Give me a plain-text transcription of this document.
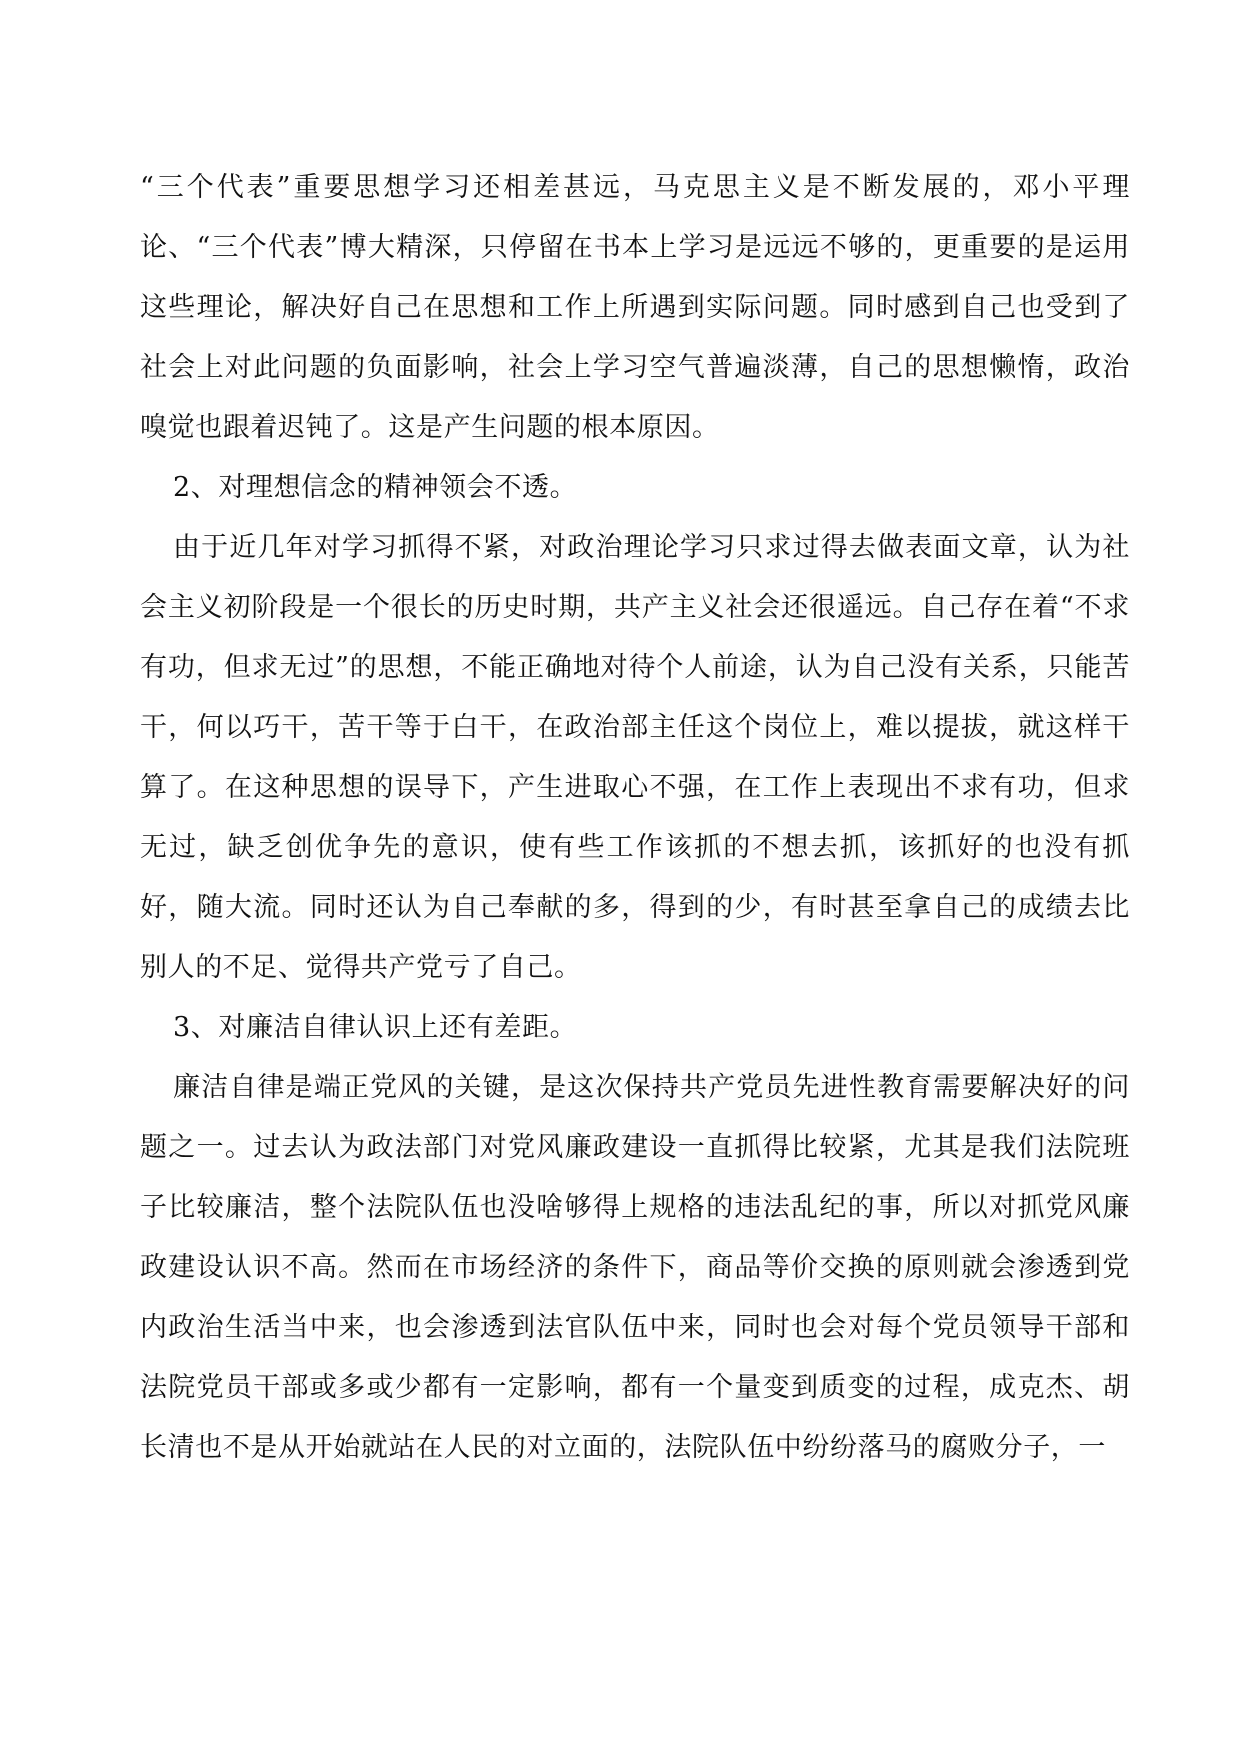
“三个代表”重要思想学习还相差甚远，马克思主义是不断发展的，邓小平理论、“三个代表”博大精深，只停留在书本上学习是远远不够的，更重要的是运用这些理论，解决好自己在思想和工作上所遇到实际问题。同时感到自己也受到了社会上对此问题的负面影响，社会上学习空气普遍淡薄，自己的思想懒惰，政治嗅觉也跟着迟钝了。这是产生问题的根本原因。

2、对理想信念的精神领会不透。

由于近几年对学习抓得不紧，对政治理论学习只求过得去做表面文章，认为社会主义初阶段是一个很长的历史时期，共产主义社会还很遥远。自己存在着“不求有功，但求无过”的思想，不能正确地对待个人前途，认为自己没有关系，只能苦干，何以巧干，苦干等于白干，在政治部主任这个岗位上，难以提拔，就这样干算了。在这种思想的误导下，产生进取心不强，在工作上表现出不求有功，但求无过，缺乏创优争先的意识，使有些工作该抓的不想去抓，该抓好的也没有抓好，随大流。同时还认为自己奉献的多，得到的少，有时甚至拿自己的成绩去比别人的不足、觉得共产党亏了自己。

3、对廉洁自律认识上还有差距。

廉洁自律是端正党风的关键，是这次保持共产党员先进性教育需要解决好的问题之一。过去认为政法部门对党风廉政建设一直抓得比较紧，尤其是我们法院班子比较廉洁，整个法院队伍也没啥够得上规格的违法乱纪的事，所以对抓党风廉政建设认识不高。然而在市场经济的条件下，商品等价交换的原则就会渗透到党内政治生活当中来，也会渗透到法官队伍中来，同时也会对每个党员领导干部和法院党员干部或多或少都有一定影响，都有一个量变到质变的过程，成克杰、胡长清也不是从开始就站在人民的对立面的，法院队伍中纷纷落马的腐败分子，一
